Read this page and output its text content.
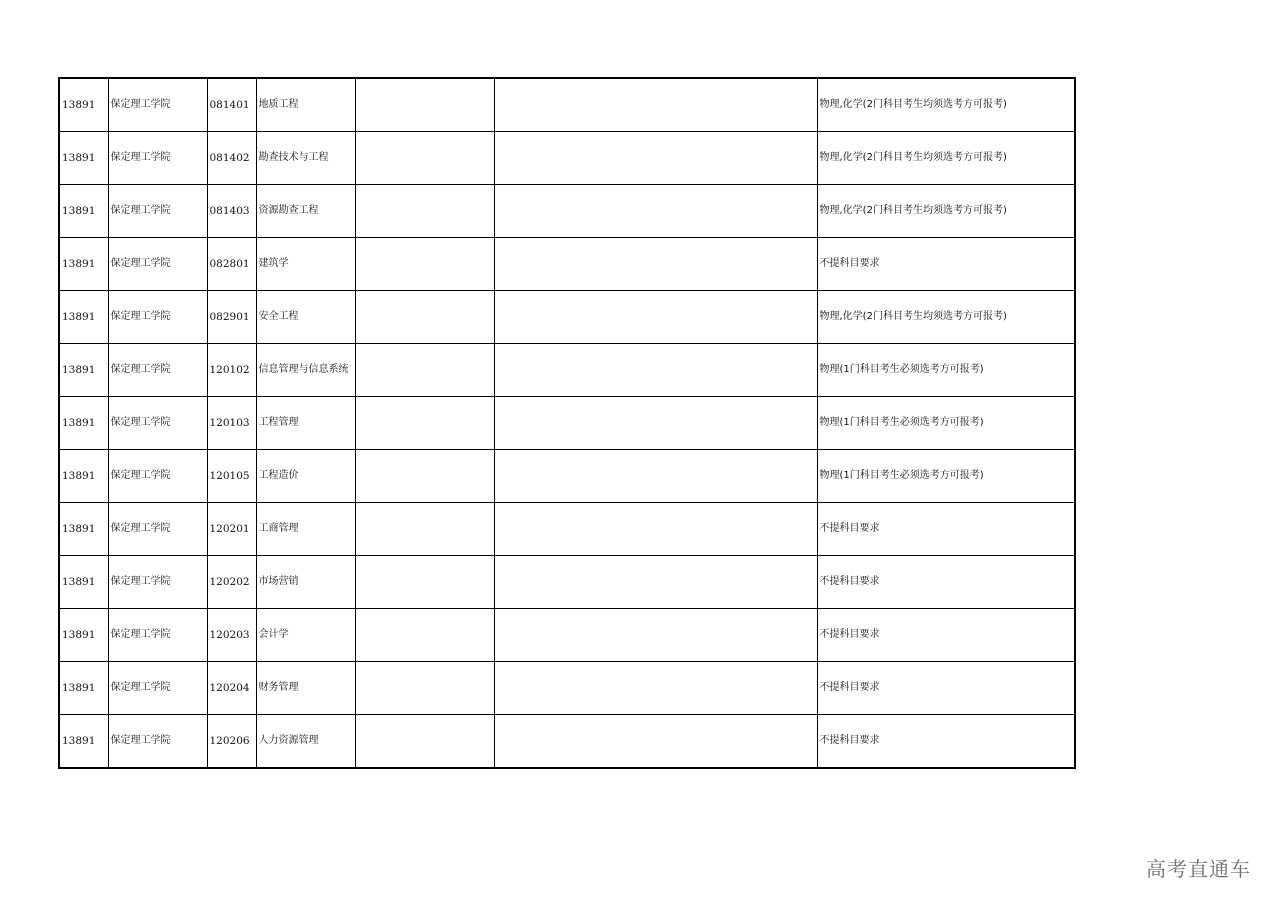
13891	保定理工学院	081401	地质工程			物理,化学(2门科目考生均须选考方可报考)
13891	保定理工学院	081402	勘查技术与工程			物理,化学(2门科目考生均须选考方可报考)
13891	保定理工学院	081403	资源勘查工程			物理,化学(2门科目考生均须选考方可报考)
13891	保定理工学院	082801	建筑学			不提科目要求
13891	保定理工学院	082901	安全工程			物理,化学(2门科目考生均须选考方可报考)
13891	保定理工学院	120102	信息管理与信息系统			物理(1门科目考生必须选考方可报考)
13891	保定理工学院	120103	工程管理			物理(1门科目考生必须选考方可报考)
13891	保定理工学院	120105	工程造价			物理(1门科目考生必须选考方可报考)
13891	保定理工学院	120201	工商管理			不提科目要求
13891	保定理工学院	120202	市场营销			不提科目要求
13891	保定理工学院	120203	会计学			不提科目要求
13891	保定理工学院	120204	财务管理			不提科目要求
13891	保定理工学院	120206	人力资源管理			不提科目要求
高考直通车
